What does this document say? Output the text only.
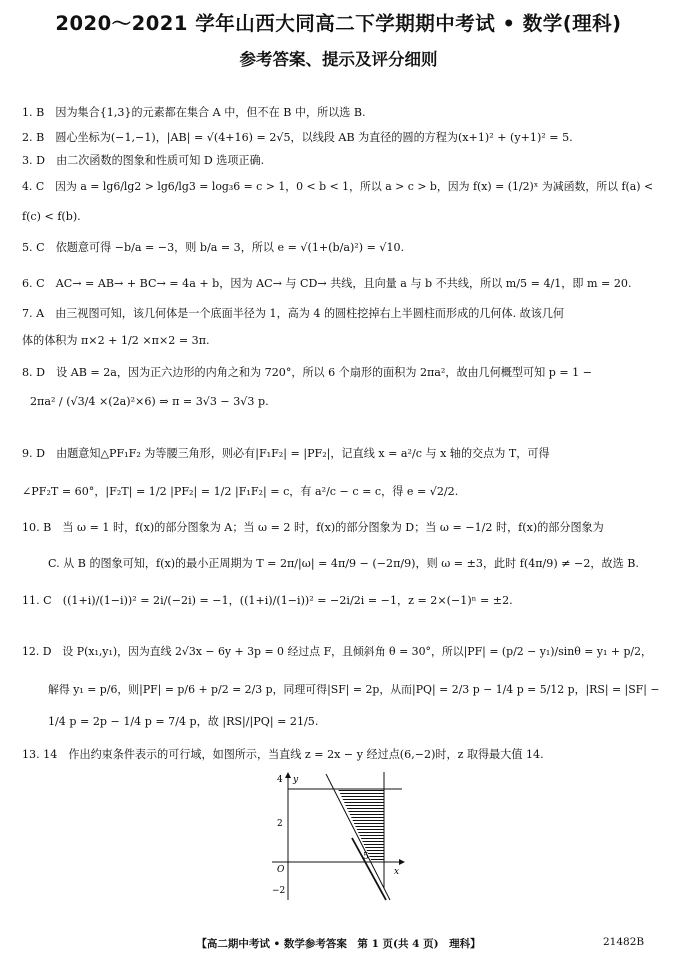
2020～2021 学年山西大同高二下学期期中考试 • 数学(理科)
参考答案、提示及评分细则
1. B　因为集合{1,3}的元素都在集合 A 中，但不在 B 中，所以选 B.
2. B　圆心坐标为(−1,−1)，|AB| = √(4+16) = 2√5，以线段 AB 为直径的圆的方程为(x+1)² + (y+1)² = 5.
3. D　由二次函数的图象和性质可知 D 选项正确.
4. C　因为 a = lg6/lg2 > lg6/lg3 = log₃6 = c > 1，0 < b < 1，所以 a > c > b，因为 f(x) = (1/2)ˣ 为减函数，所以 f(a) <
f(c) < f(b).
5. C　依题意可得 −b/a = −3，则 b/a = 3，所以 e = √(1+(b/a)²) = √10.
6. C　AC→ = AB→ + BC→ = 4a + b，因为 AC→ 与 CD→ 共线，且向量 a 与 b 不共线，所以 m/5 = 4/1，即 m = 20.
7. A　由三视图可知，该几何体是一个底面半径为 1，高为 4 的圆柱挖掉右上半圆柱而形成的几何体. 故该几何
体的体积为 π×2 + 1/2 ×π×2 = 3π.
8. D　设 AB = 2a，因为正六边形的内角之和为 720°，所以 6 个扇形的面积为 2πa²，故由几何概型可知 p = 1 −
2πa² / (√3/4 ×(2a)²×6) ⇒ π = 3√3 − 3√3 p.
9. D　由题意知△PF₁F₂ 为等腰三角形，则必有|F₁F₂| = |PF₂|，记直线 x = a²/c 与 x 轴的交点为 T，可得
∠PF₂T = 60°，|F₂T| = 1/2 |PF₂| = 1/2 |F₁F₂| = c，有 a²/c − c = c，得 e = √2/2.
10. B　当 ω = 1 时，f(x)的部分图象为 A；当 ω = 2 时，f(x)的部分图象为 D；当 ω = −1/2 时，f(x)的部分图象为
C. 从 B 的图象可知，f(x)的最小正周期为 T = 2π/|ω| = 4π/9 − (−2π/9)，则 ω = ±3，此时 f(4π/9) ≠ −2，故选 B.
11. C　((1+i)/(1−i))² = 2i/(−2i) = −1，((1+i)/(1−i))² = −2i/2i = −1，z = 2×(−1)ⁿ = ±2.
12. D　设 P(x₁,y₁)，因为直线 2√3x − 6y + 3p = 0 经过点 F，且倾斜角 θ = 30°，所以|PF| = (p/2 − y₁)/sinθ = y₁ + p/2，
解得 y₁ = p/6，则|PF| = p/6 + p/2 = 2/3 p，同理可得|SF| = 2p，从而|PQ| = 2/3 p − 1/4 p = 5/12 p，|RS| = |SF| −
1/4 p = 2p − 1/4 p = 7/4 p，故 |RS|/|PQ| = 21/5.
13. 14　作出约束条件表示的可行域，如图所示，当直线 z = 2x − y 经过点(6,−2)时，z 取得最大值 14.
y
x
O
4
2
−2
5
【高二期中考试 • 数学参考答案　第 1 页(共 4 页)　理科】	21482B
